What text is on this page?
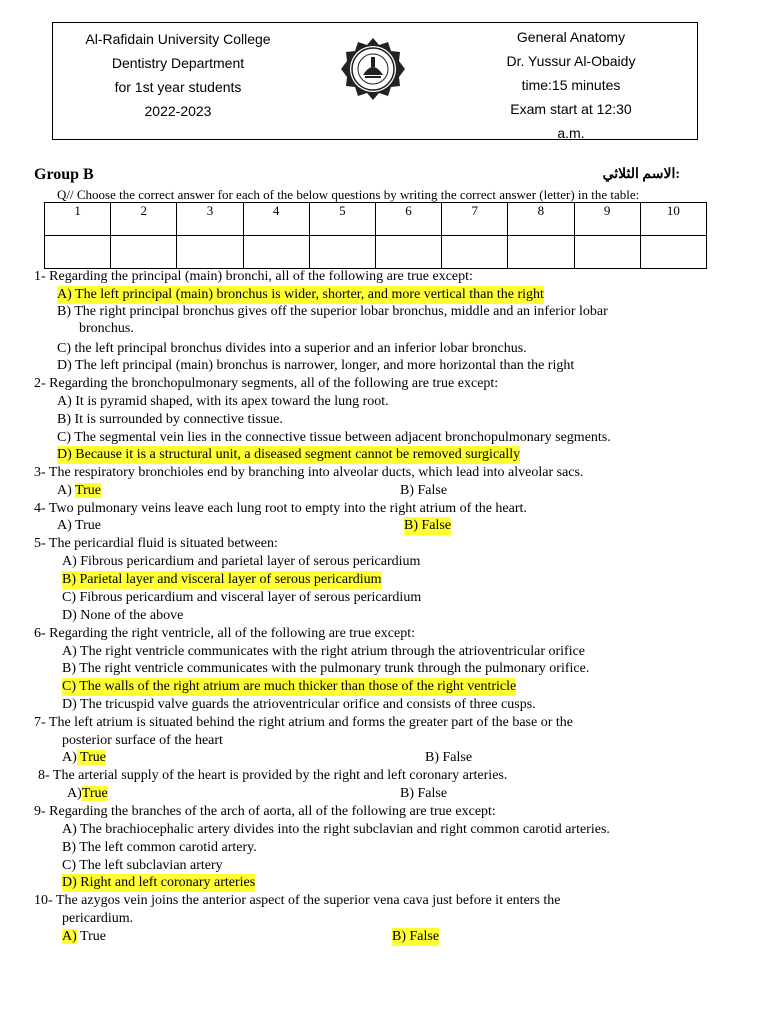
Al-Rafidain University College
Dentistry Department
for 1st year students
2022-2023
General Anatomy
Dr. Yussur Al-Obaidy
time:15 minutes
Exam start at 12:30
a.m.
Group B	:الاسم الثلاثي
Q// Choose the correct answer for each of the below questions by writing the correct answer (letter) in the table:
1	2	3	4	5	6	7	8	9	10

1- Regarding the principal (main) bronchi, all of the following are true except:
A) The left principal (main) bronchus is wider, shorter, and more vertical than the right
B) The right principal bronchus gives off the superior lobar bronchus, middle and an inferior lobar
bronchus.
C) the left principal bronchus divides into a superior and an inferior lobar bronchus.
D) The left principal (main) bronchus is narrower, longer, and more horizontal than the right
2- Regarding the bronchopulmonary segments, all of the following are true except:
A) It is pyramid shaped, with its apex toward the lung root.
B) It is surrounded by connective tissue.
C) The segmental vein lies in the connective tissue between adjacent bronchopulmonary segments.
D) Because it is a structural unit, a diseased segment cannot be removed surgically
3- The respiratory bronchioles end by branching into alveolar ducts, which lead into alveolar sacs.
A) True	B) False
4- Two pulmonary veins leave each lung root to empty into the right atrium of the heart.
A) True	B) False
5- The pericardial fluid is situated between:
A) Fibrous pericardium and parietal layer of serous pericardium
B) Parietal layer and visceral layer of serous pericardium
C) Fibrous pericardium and visceral layer of serous pericardium
D) None of the above
6- Regarding the right ventricle, all of the following are true except:
A) The right ventricle communicates with the right atrium through the atrioventricular orifice
B) The right ventricle communicates with the pulmonary trunk through the pulmonary orifice.
C) The walls of the right atrium are much thicker than those of the right ventricle
D) The tricuspid valve guards the atrioventricular orifice and consists of three cusps.
7- The left atrium is situated behind the right atrium and forms the greater part of the base or the
posterior surface of the heart
A) True	B) False
8- The arterial supply of the heart is provided by the right and left coronary arteries.
A)True	B) False
9- Regarding the branches of the arch of aorta, all of the following are true except:
A) The brachiocephalic artery divides into the right subclavian and right common carotid arteries.
B) The left common carotid artery.
C) The left subclavian artery
D) Right and left coronary arteries
10- The azygos vein joins the anterior aspect of the superior vena cava just before it enters the
pericardium.
A) True	B) False
